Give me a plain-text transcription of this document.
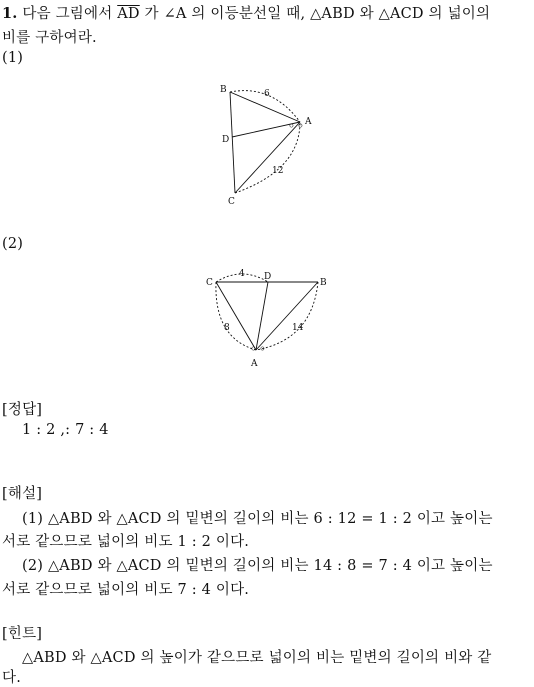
1. 다음 그림에서 $\overline{AD}$ 가 ∠A 의 이등분선일 때, △ABD 와 △ACD 의 넓이의
비를 구하여라.
(1)
B
D
A
C
6
12
ㅇ ㅇ
C
D
B
A
4
8	14
ㅇ ㅇ
(2)
[정답]
1 : 2 ,: 7 : 4
[해설]
(1) △ABD 와 △ACD 의 밑변의 길이의 비는 6 : 12 = 1 : 2 이고 높이는
서로 같으므로 넓이의 비도 1 : 2 이다.
(2) △ABD 와 △ACD 의 밑변의 길이의 비는 14 : 8 = 7 : 4 이고 높이는
서로 같으므로 넓이의 비도 7 : 4 이다.
[힌트]
△ABD 와 △ACD 의 높이가 같으므로 넓이의 비는 밑변의 길이의 비와 같
다.
